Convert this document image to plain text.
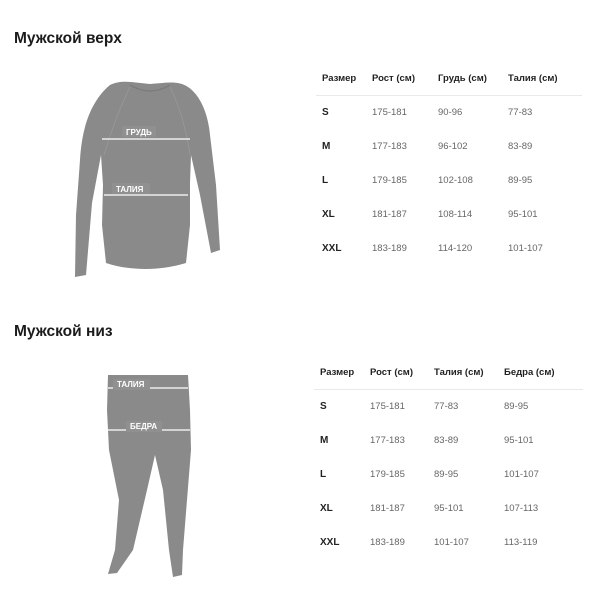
Мужской верх
ГРУДЬ
ТАЛИЯ
Размер	Рост (см)	Грудь (см)	Талия (см)
S	175-181	90-96	77-83
M	177-183	96-102	83-89
L	179-185	102-108	89-95
XL	181-187	108-114	95-101
XXL	183-189	114-120	101-107
Мужской низ
ТАЛИЯ
БЕДРА
Размер	Рост (см)	Талия (см)	Бедра (см)
S	175-181	77-83	89-95
M	177-183	83-89	95-101
L	179-185	89-95	101-107
XL	181-187	95-101	107-113
XXL	183-189	101-107	113-119
